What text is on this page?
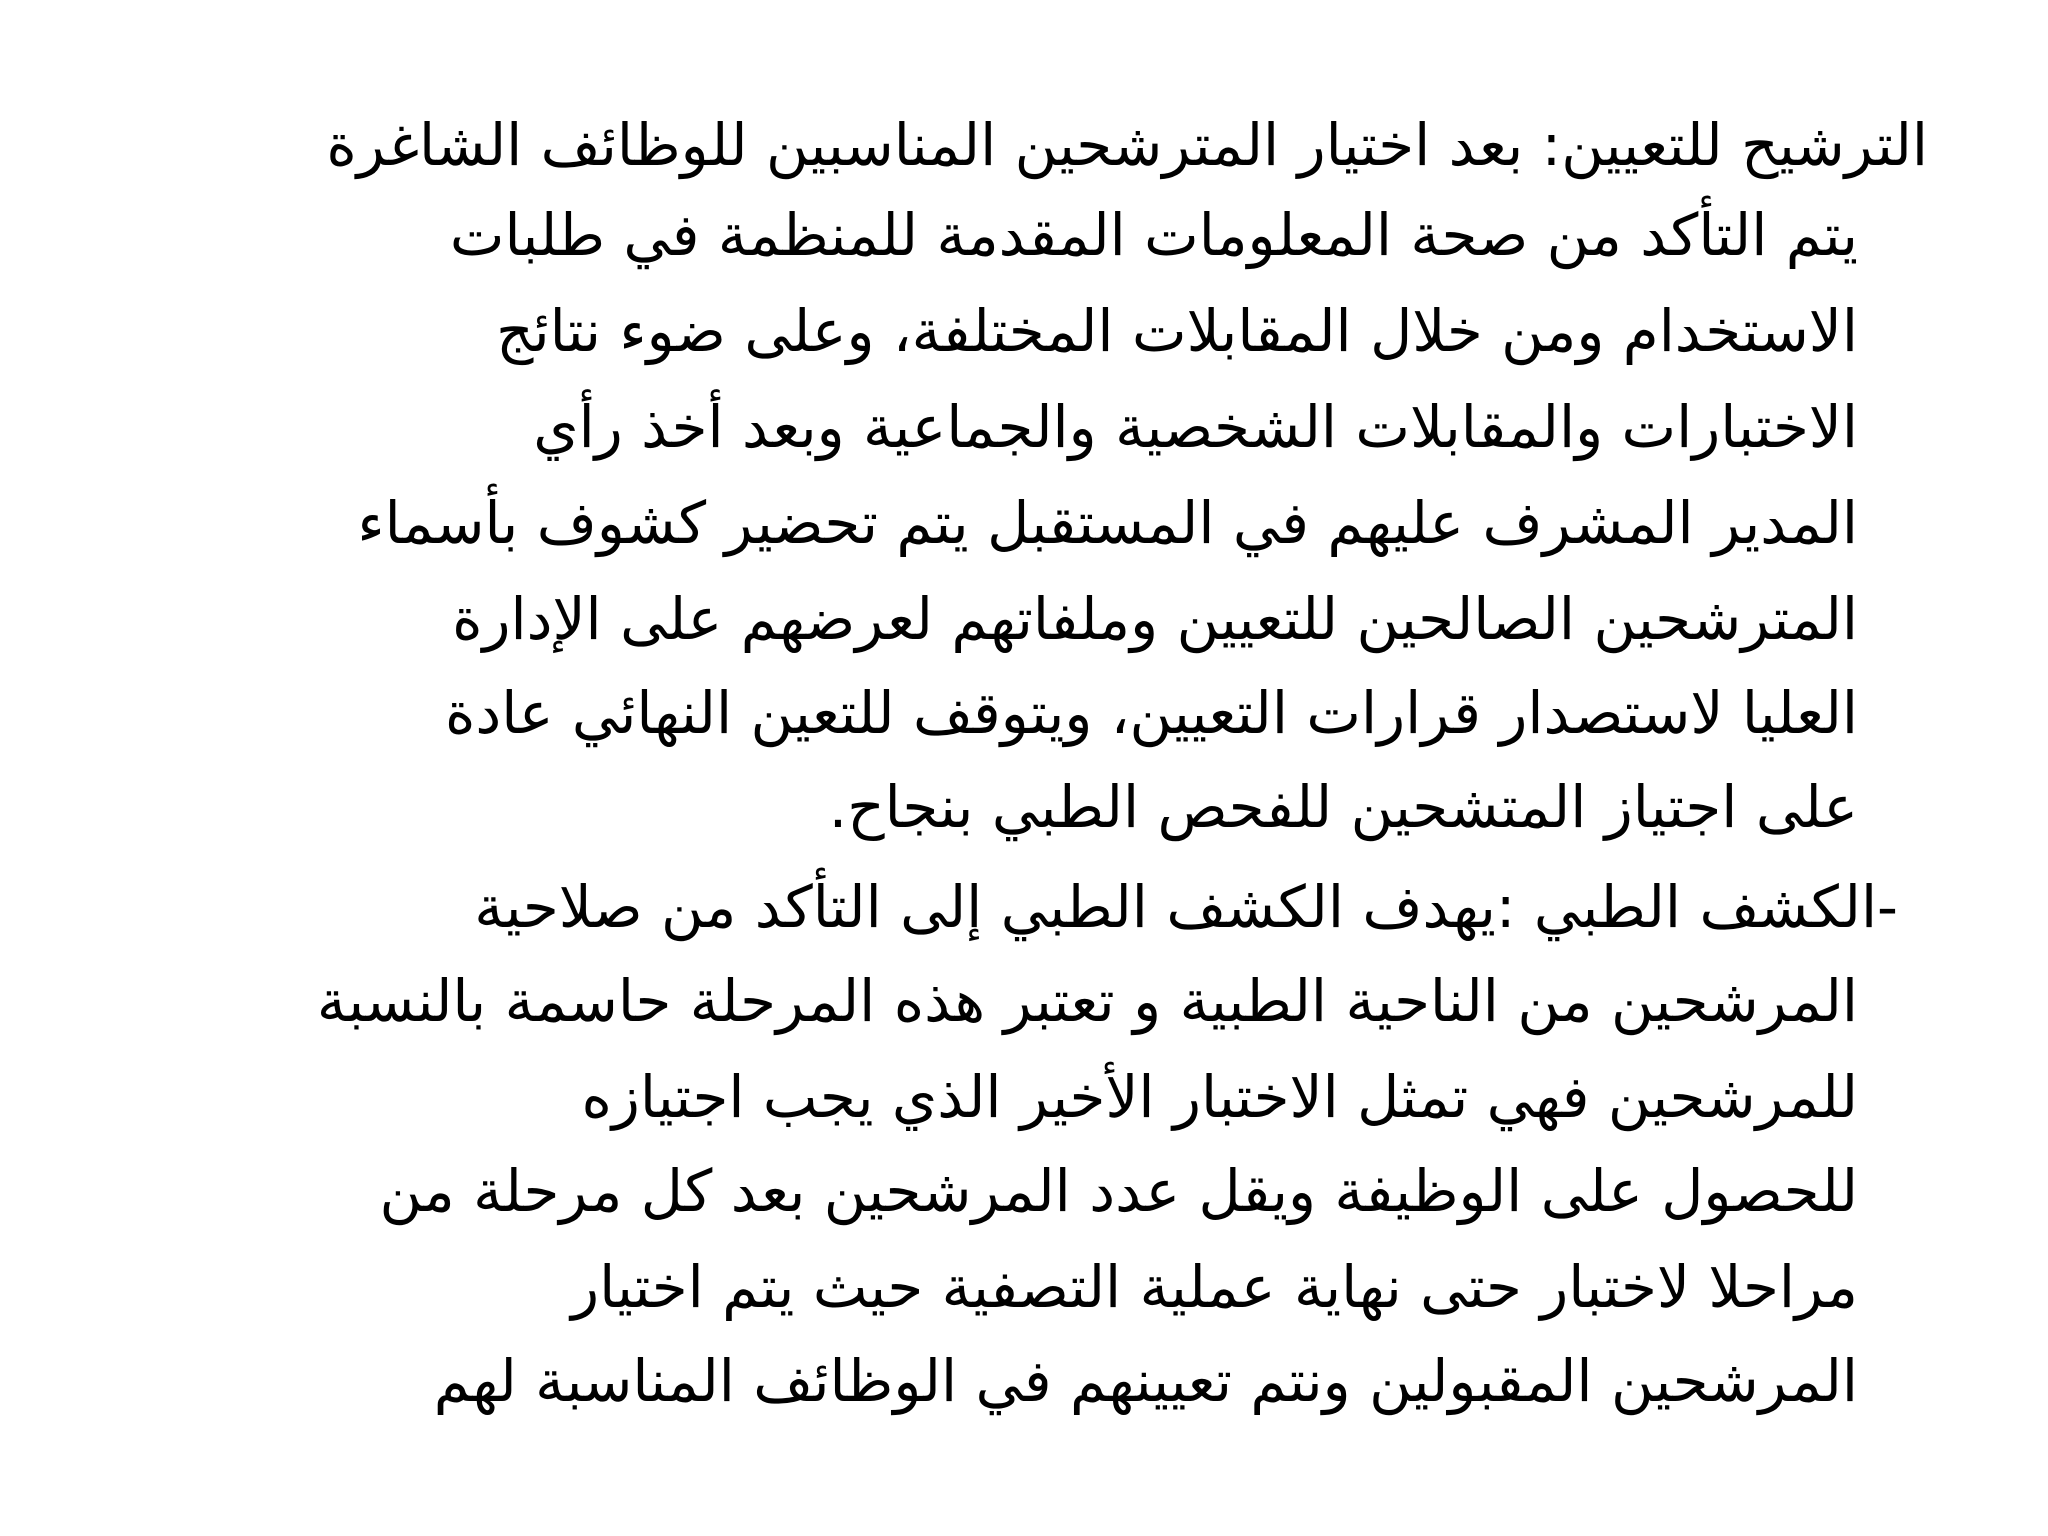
الترشيح للتعيين: بعد اختيار المترشحين المناسبين للوظائف الشاغرة
يتم التأكد من صحة المعلومات المقدمة للمنظمة في طلبات
الاستخدام ومن خلال المقابلات المختلفة، وعلى ضوء نتائج
الاختبارات والمقابلات الشخصية والجماعية وبعد أخذ رأي
المدير المشرف عليهم في المستقبل يتم تحضير كشوف بأسماء
المترشحين الصالحين للتعيين وملفاتهم لعرضهم على الإدارة
العليا لاستصدار قرارات التعيين، ويتوقف للتعين النهائي عادة
على اجتياز المتشحين للفحص الطبي بنجاح.
-الكشف الطبي :يهدف الكشف الطبي إلى التأكد من صلاحية
المرشحين من الناحية الطبية و تعتبر هذه المرحلة حاسمة بالنسبة
للمرشحين فهي تمثل الاختبار الأخير الذي يجب اجتيازه
للحصول على الوظيفة ويقل عدد المرشحين بعد كل مرحلة من
مراحلا لاختبار حتى نهاية عملية التصفية حيث يتم اختيار
المرشحين المقبولين ونتم تعيينهم في الوظائف المناسبة لهم
